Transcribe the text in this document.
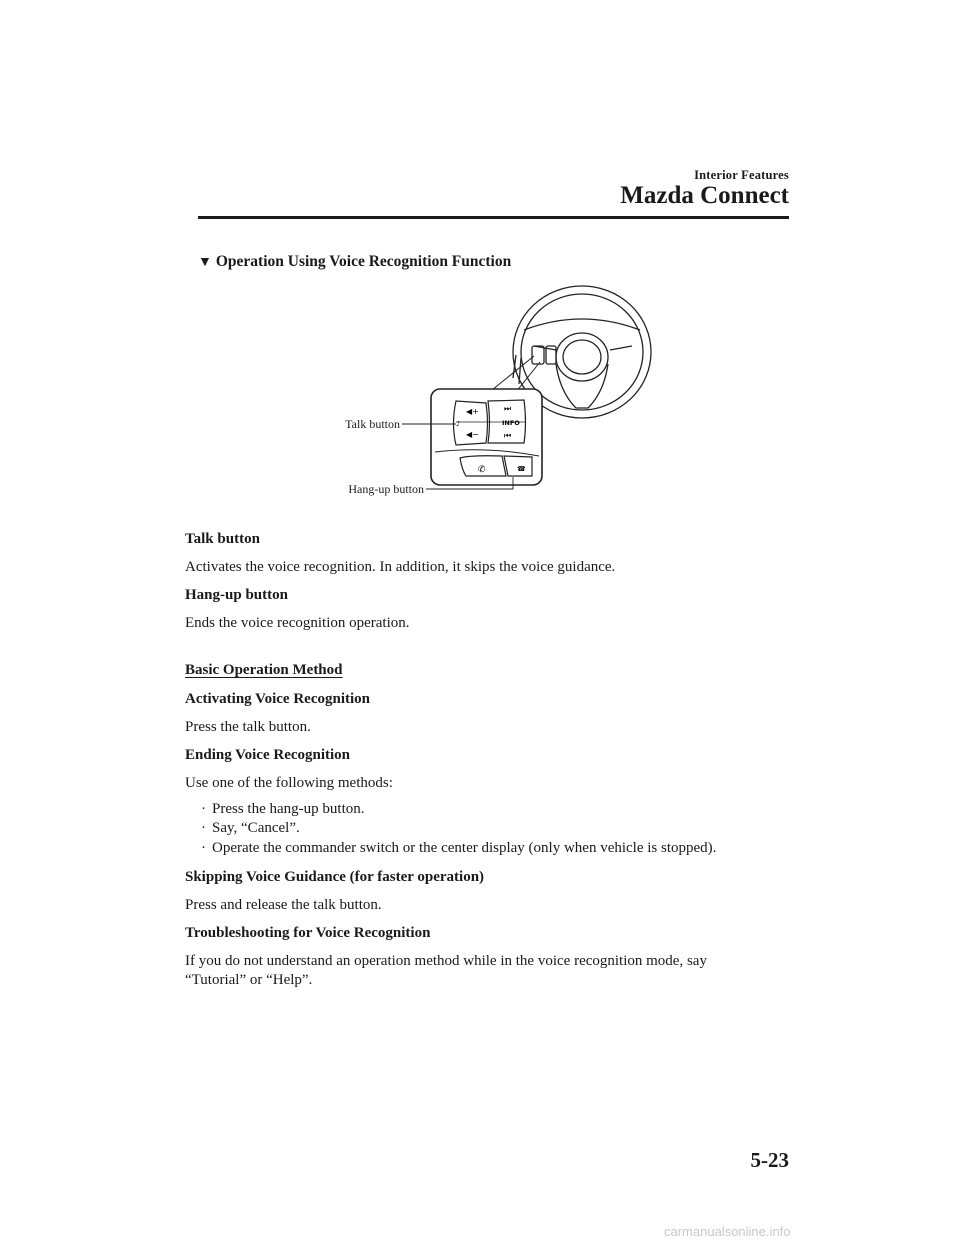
Interior Features
Mazda Connect
▼ Operation Using Voice Recognition Function
◀+
◀−
♪
⏭
INFO
⏮
✆	☎
Talk button
Hang-up button
Talk button
Activates the voice recognition. In addition, it skips the voice guidance.
Hang-up button
Ends the voice recognition operation.
Basic Operation Method
Activating Voice Recognition
Press the talk button.
Ending Voice Recognition
Use one of the following methods:
· Press the hang-up button.
· Say, “Cancel”.
· Operate the commander switch or the center display (only when vehicle is stopped).
Skipping Voice Guidance (for faster operation)
Press and release the talk button.
Troubleshooting for Voice Recognition
If you do not understand an operation method while in the voice recognition mode, say
“Tutorial” or “Help”.
5-23
carmanualsonline.info
